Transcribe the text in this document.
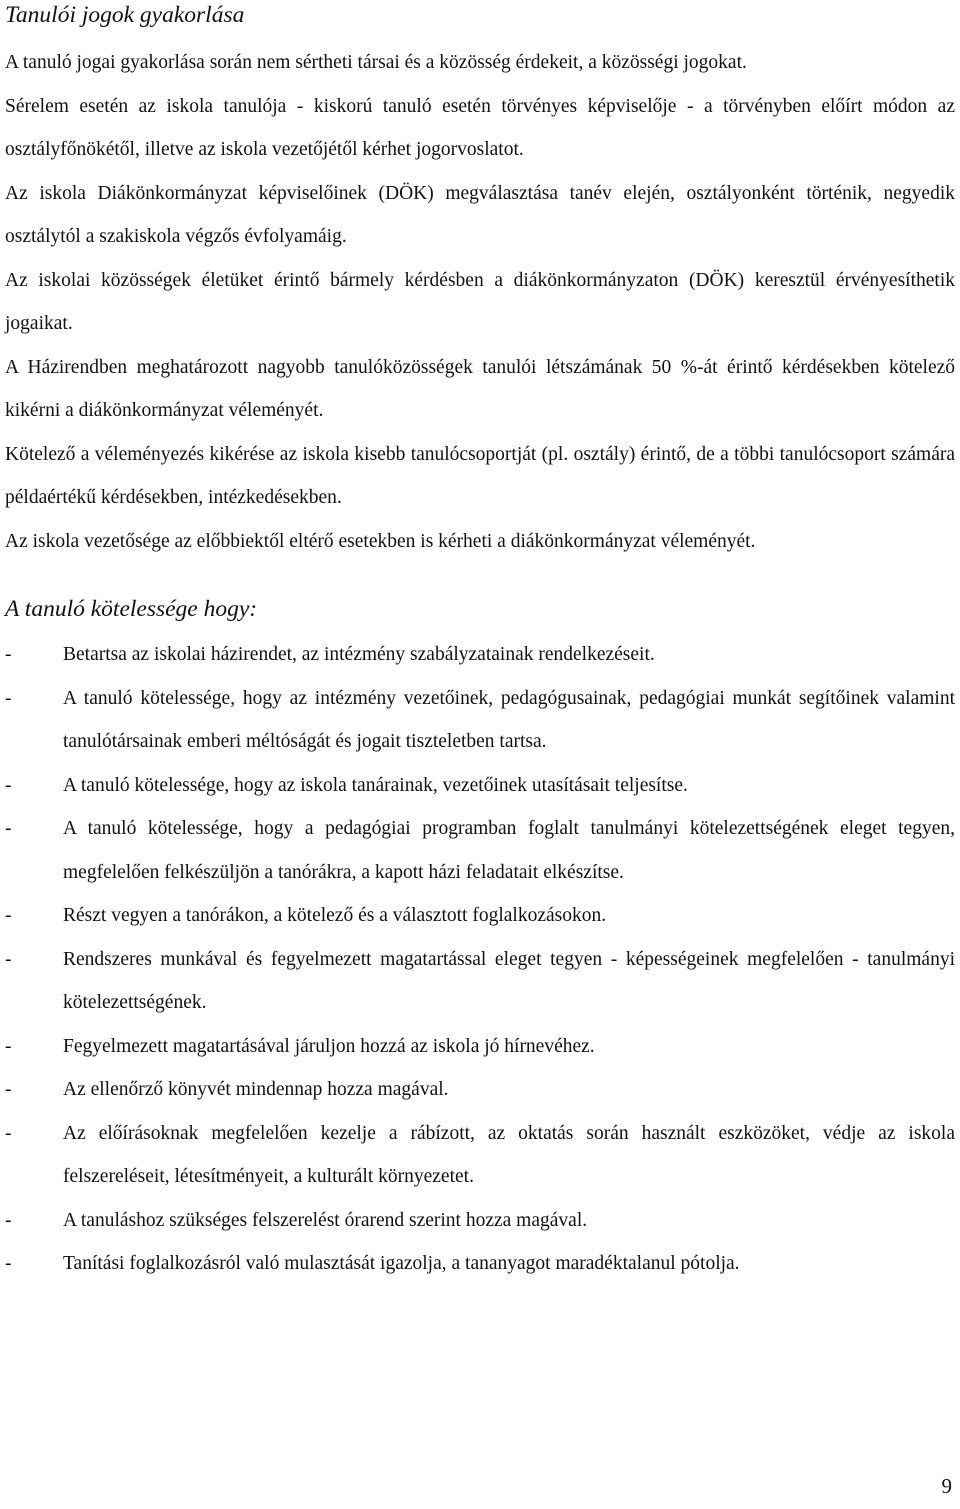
Tanulói jogok gyakorlása

A tanuló jogai gyakorlása során nem sértheti társai és a közösség érdekeit, a közösségi jogokat.

Sérelem esetén az iskola tanulója - kiskorú tanuló esetén törvényes képviselője - a törvényben előírt módon az osztályfőnökétől, illetve az iskola vezetőjétől kérhet jogorvoslatot.

Az iskola Diákönkormányzat képviselőinek (DÖK) megválasztása tanév elején, osztályonként történik, negyedik osztálytól a szakiskola végzős évfolyamáig.

Az iskolai közösségek életüket érintő bármely kérdésben a diákönkormányzaton (DÖK) keresztül érvényesíthetik jogaikat.

A Házirendben meghatározott nagyobb tanulóközösségek tanulói létszámának 50 %-át érintő kérdésekben kötelező kikérni a diákönkormányzat véleményét.

Kötelező a véleményezés kikérése az iskola kisebb tanulócsoportját (pl. osztály) érintő, de a többi tanulócsoport számára példaértékű kérdésekben, intézkedésekben.

Az iskola vezetősége az előbbiektől eltérő esetekben is kérheti a diákönkormányzat véleményét.

A tanuló kötelessége hogy:
-	Betartsa az iskolai házirendet, az intézmény szabályzatainak rendelkezéseit.
-	A tanuló kötelessége, hogy az intézmény vezetőinek, pedagógusainak, pedagógiai munkát segítőinek valamint tanulótársainak emberi méltóságát és jogait tiszteletben tartsa.
-	A tanuló kötelessége, hogy az iskola tanárainak, vezetőinek utasításait teljesítse.
-	A tanuló kötelessége, hogy a pedagógiai programban foglalt tanulmányi kötelezettségének eleget tegyen, megfelelően felkészüljön a tanórákra, a kapott házi feladatait elkészítse.
-	Részt vegyen a tanórákon, a kötelező és a választott foglalkozásokon.
-	Rendszeres munkával és fegyelmezett magatartással eleget tegyen - képességeinek megfelelően - tanulmányi kötelezettségének.
-	Fegyelmezett magatartásával járuljon hozzá az iskola jó hírnevéhez.
-	Az ellenőrző könyvét mindennap hozza magával.
-	Az előírásoknak megfelelően kezelje a rábízott, az oktatás során használt eszközöket, védje az iskola felszereléseit, létesítményeit, a kulturált környezetet.
-	A tanuláshoz szükséges felszerelést órarend szerint hozza magával.
-	Tanítási foglalkozásról való mulasztását igazolja, a tananyagot maradéktalanul pótolja.
9
